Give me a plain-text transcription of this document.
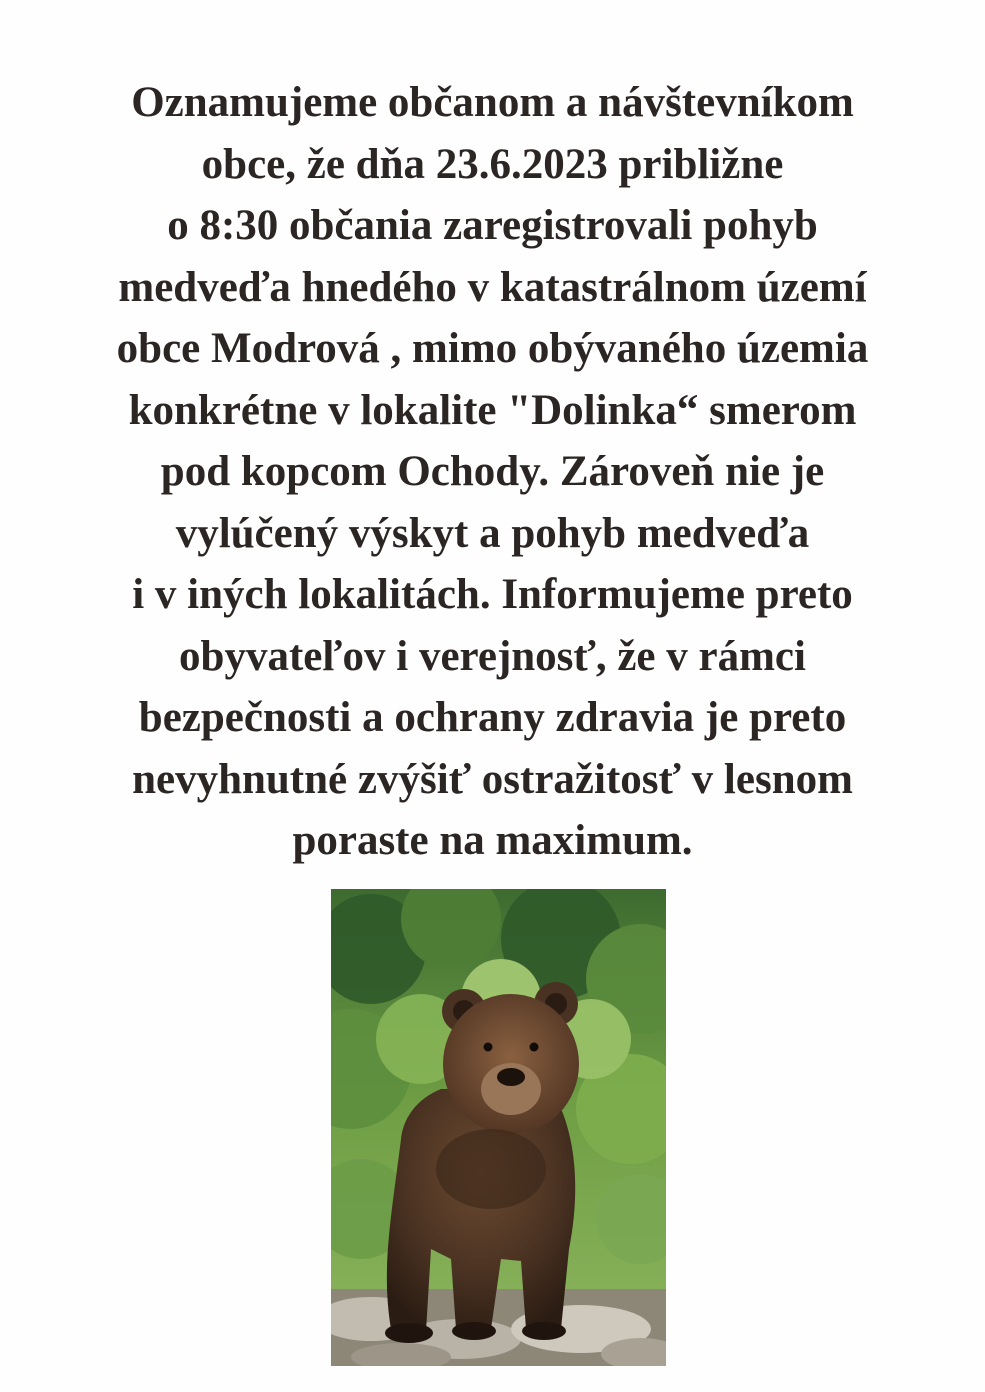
Oznamujeme občanom a návštevníkom
obce, že dňa 23.6.2023 približne
o 8:30 občania zaregistrovali pohyb
medveďa hnedého v katastrálnom území
obce Modrová , mimo obývaného územia
konkrétne v lokalite "Dolinka“ smerom
pod kopcom Ochody. Zároveň nie je
vylúčený výskyt a pohyb medveďa
i v iných lokalitách. Informujeme preto
obyvateľov i verejnosť, že v rámci
bezpečnosti a ochrany zdravia je preto
nevyhnutné zvýšiť ostražitosť v lesnom
poraste na maximum.
